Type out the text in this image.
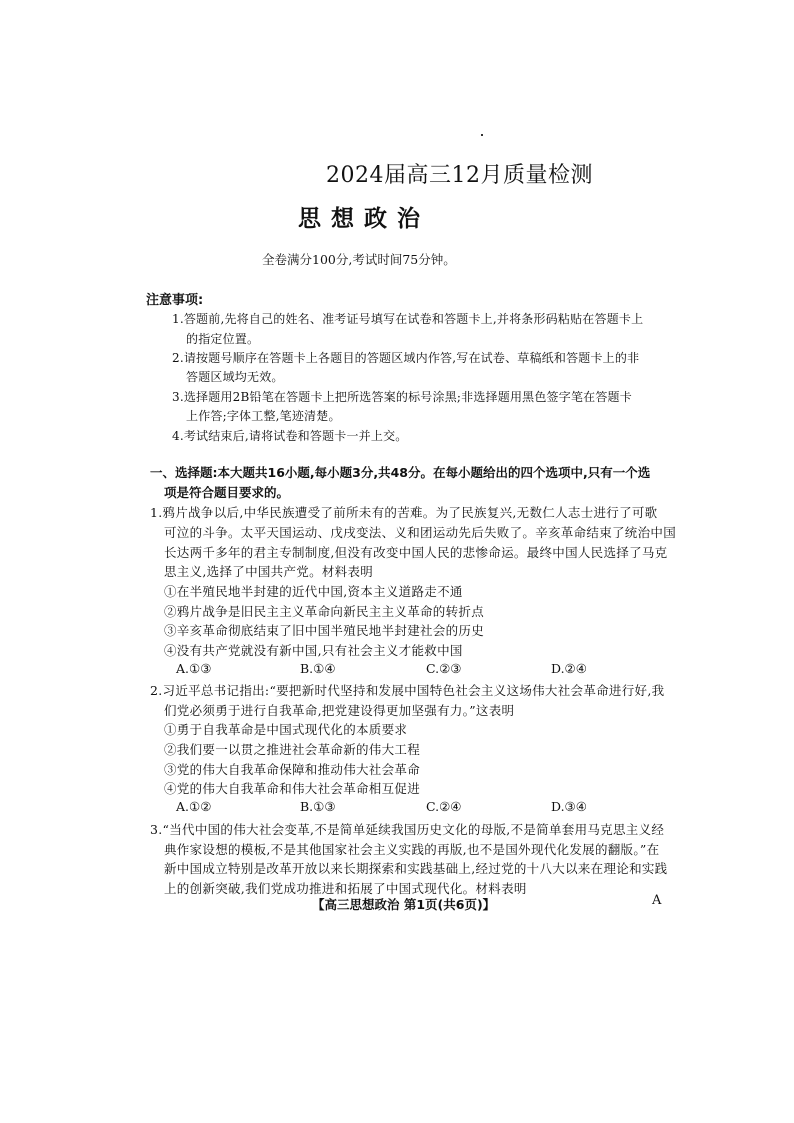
2024届高三12月质量检测
思想政治
全卷满分100分,考试时间75分钟。
注意事项:
1.答题前,先将自己的姓名、准考证号填写在试卷和答题卡上,并将条形码粘贴在答题卡上
的指定位置。
2.请按题号顺序在答题卡上各题目的答题区域内作答,写在试卷、草稿纸和答题卡上的非
答题区域均无效。
3.选择题用2B铅笔在答题卡上把所选答案的标号涂黑;非选择题用黑色签字笔在答题卡
上作答;字体工整,笔迹清楚。
4.考试结束后,请将试卷和答题卡一并上交。
一、选择题:本大题共16小题,每小题3分,共48分。在每小题给出的四个选项中,只有一个选
项是符合题目要求的。
1.鸦片战争以后,中华民族遭受了前所未有的苦难。为了民族复兴,无数仁人志士进行了可歌
可泣的斗争。太平天国运动、戊戌变法、义和团运动先后失败了。辛亥革命结束了统治中国
长达两千多年的君主专制制度,但没有改变中国人民的悲惨命运。最终中国人民选择了马克
思主义,选择了中国共产党。材料表明
①在半殖民地半封建的近代中国,资本主义道路走不通
②鸦片战争是旧民主主义革命向新民主主义革命的转折点
③辛亥革命彻底结束了旧中国半殖民地半封建社会的历史
④没有共产党就没有新中国,只有社会主义才能救中国
A.①③	B.①④	C.②③	D.②④
2.习近平总书记指出:“要把新时代坚持和发展中国特色社会主义这场伟大社会革命进行好,我
们党必须勇于进行自我革命,把党建设得更加坚强有力。”这表明
①勇于自我革命是中国式现代化的本质要求
②我们要一以贯之推进社会革命新的伟大工程
③党的伟大自我革命保障和推动伟大社会革命
④党的伟大自我革命和伟大社会革命相互促进
A.①②	B.①③	C.②④	D.③④
3.“当代中国的伟大社会变革,不是简单延续我国历史文化的母版,不是简单套用马克思主义经
典作家设想的模板,不是其他国家社会主义实践的再版,也不是国外现代化发展的翻版。”在
新中国成立特别是改革开放以来长期探索和实践基础上,经过党的十八大以来在理论和实践
上的创新突破,我们党成功推进和拓展了中国式现代化。材料表明
【高三思想政治 第1页(共6页)】	A
